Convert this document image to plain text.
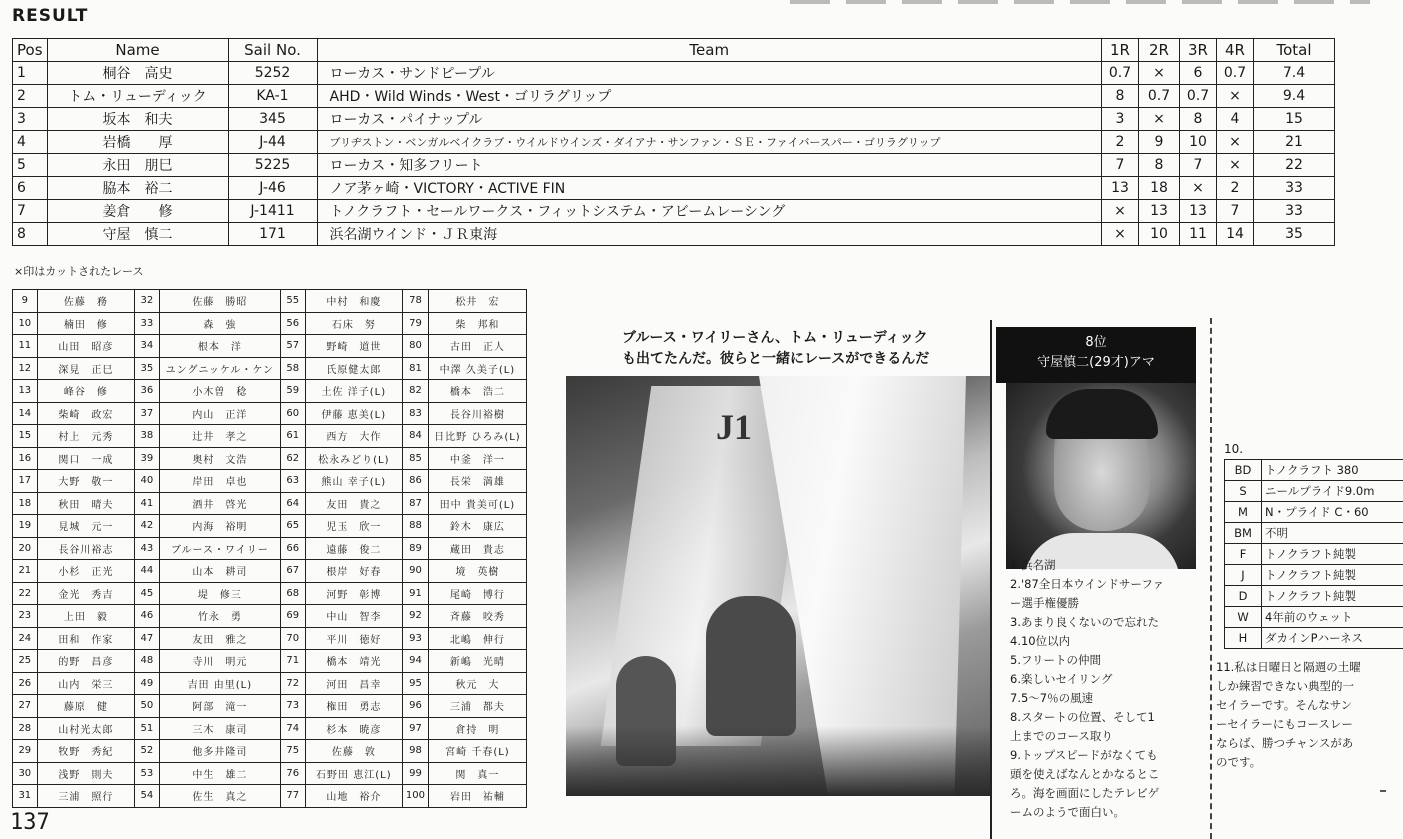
RESULT
Pos	Name	Sail No.	Team	1R	2R	3R	4R	Total
1	桐谷　高史	5252	ローカス・サンドピープル	0.7	×	6	0.7	7.4
2	トム・リューディック	KA-1	AHD・Wild Winds・West・ゴリラグリップ	8	0.7	0.7	×	9.4
3	坂本　和夫	345	ローカス・パイナップル	3	×	8	4	15
4	岩橋　　厚	J-44	ブリヂストン・ベンガルベイクラブ・ウイルドウインズ・ダイアナ・サンファン・ＳＥ・ファイバースパー・ゴリラグリップ	2	9	10	×	21
5	永田　朋巳	5225	ローカス・知多フリート	7	8	7	×	22
6	脇本　裕二	J-46	ノア茅ヶ崎・VICTORY・ACTIVE FIN	13	18	×	2	33
7	姜倉　　修	J-1411	トノクラフト・セールワークス・フィットシステム・アビームレーシング	×	13	13	7	33
8	守屋　慎二	171	浜名湖ウインド・ＪＲ東海	×	10	11	14	35
×印はカットされたレース
9	佐藤　務	32	佐藤　勝昭	55	中村　和慶	78	松井　宏
10	楠田　修	33	森　強	56	石床　努	79	柴　邦和
11	山田　昭彦	34	根本　洋	57	野崎　道世	80	古田　正人
12	深見　正巳	35	ユングニッケル・ケン	58	氏原健太郎	81	中澤 久美子(L)
13	峰谷　修	36	小木曽　稔	59	土佐 洋子(L)	82	橋本　浩二
14	柴崎　政宏	37	内山　正洋	60	伊藤 恵美(L)	83	長谷川裕樹
15	村上　元秀	38	辻井　孝之	61	西方　大作	84	日比野 ひろみ(L)
16	関口　一成	39	奥村　文浩	62	松永みどり(L)	85	中釜　洋一
17	大野　敬一	40	岸田　卓也	63	熊山 幸子(L)	86	長栄　満雄
18	秋田　晴夫	41	酒井　啓光	64	友田　貴之	87	田中 貴美可(L)
19	見城　元一	42	内海　裕明	65	児玉　欣一	88	鈴木　康広
20	長谷川裕志	43	ブルース・ワイリー	66	遠藤　俊二	89	蔵田　貴志
21	小杉　正光	44	山本　耕司	67	根岸　好春	90	境　英樹
22	金光　秀吉	45	堤　修三	68	河野　彰博	91	尾崎　博行
23	上田　毅	46	竹永　勇	69	中山　智李	92	斉藤　咬秀
24	田和　作家	47	友田　雅之	70	平川　徳好	93	北嶋　伸行
25	的野　昌彦	48	寺川　明元	71	橋本　靖光	94	新嶋　光晴
26	山内　栄三	49	吉田 由里(L)	72	河田　昌幸	95	秋元　大
27	藤原　健	50	阿部　滝一	73	権田　勇志	96	三浦　都夫
28	山村光太郎	51	三木　康司	74	杉本　暁彦	97	倉持　明
29	牧野　秀紀	52	他多井隆司	75	佐藤　敦	98	宮崎 千春(L)
30	浅野　則夫	53	中生　雄二	76	石野田 恵江(L)	99	関　真一
31	三浦　照行	54	佐生　真之	77	山地　裕介	100	岩田　祐輔
ブルース・ワイリーさん、トム・リューディック
も出てたんだ。彼らと一緒にレースができるんだ
J1
8位
守屋慎二(29才)アマ
1.浜名湖
2.'87全日本ウインドサーファ
ー選手権優勝
3.あまり良くないので忘れた
4.10位以内
5.フリートの仲間
6.楽しいセイリング
7.5～7％の風速
8.スタートの位置、そして1
上までのコース取り
9.トップスピードがなくても
頭を使えばなんとかなるとこ
ろ。海を画面にしたテレビゲ
ームのようで面白い。
10.
BD	トノクラフト 380
S	ニールプライド9.0m
M	N・プライド C・60
BM	不明
F	トノクラフト純製
J	トノクラフト純製
D	トノクラフト純製
W	4年前のウェット
H	ダカインPハーネス
11.私は日曜日と隔週の土曜
しか練習できない典型的一
セイラーです。そんなサン
ーセイラーにもコースレー
ならば、勝つチャンスがあ
のです。
137
